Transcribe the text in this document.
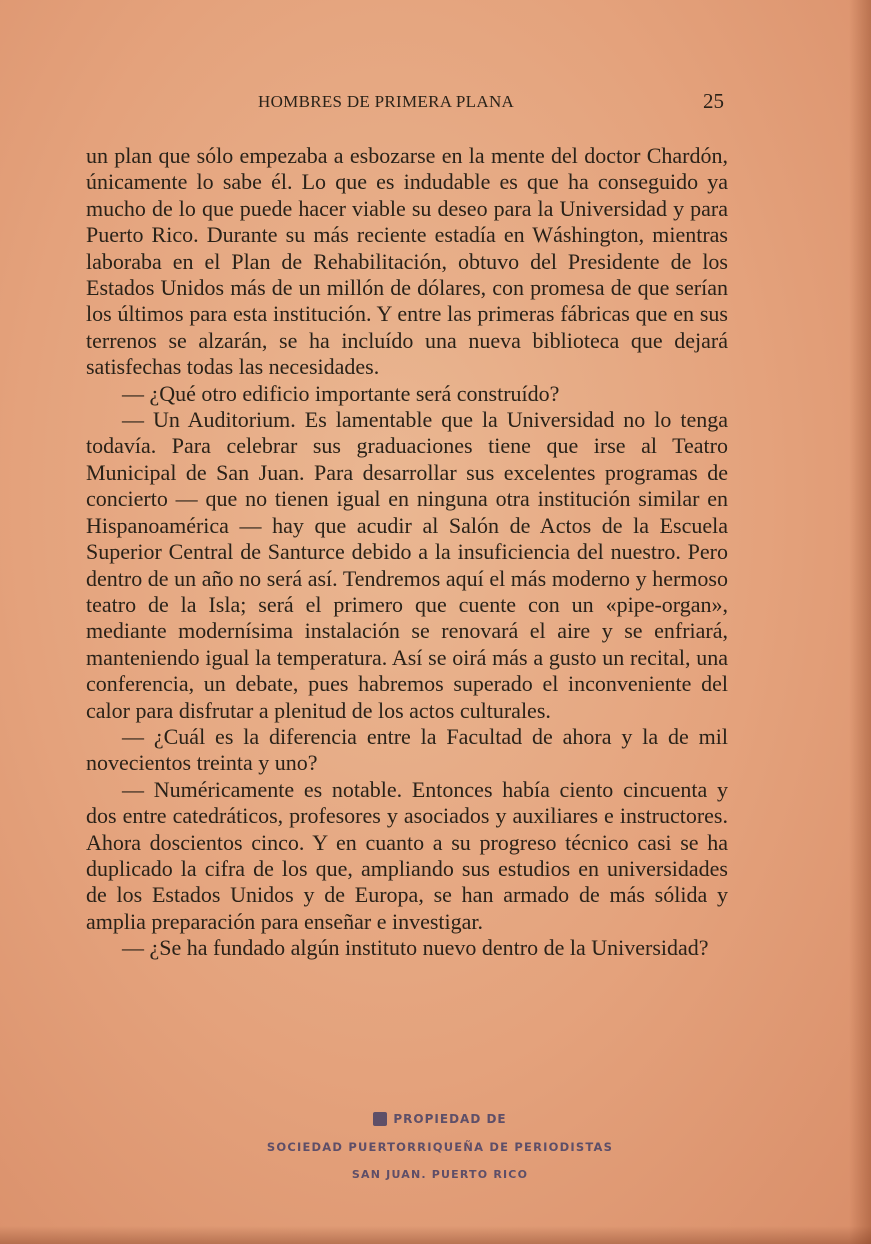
HOMBRES DE PRIMERA PLANA	25

un plan que sólo empezaba a esbozarse en la mente del doctor Chardón, únicamente lo sabe él. Lo que es indudable es que ha conseguido ya mucho de lo que puede hacer viable su deseo para la Universidad y para Puerto Rico. Durante su más reciente estadía en Wáshington, mientras laboraba en el Plan de Rehabilitación, obtuvo del Presidente de los Estados Unidos más de un millón de dólares, con promesa de que serían los últimos para esta institución. Y entre las primeras fábricas que en sus terrenos se alzarán, se ha incluído una nueva biblioteca que dejará satisfechas todas las necesidades.

— ¿Qué otro edificio importante será construído?

— Un Auditorium. Es lamentable que la Universidad no lo tenga todavía. Para celebrar sus graduaciones tiene que irse al Teatro Municipal de San Juan. Para desarrollar sus excelentes programas de concierto — que no tienen igual en ninguna otra institución similar en Hispanoamérica — hay que acudir al Salón de Actos de la Escuela Superior Central de Santurce debido a la insuficiencia del nuestro. Pero dentro de un año no será así. Tendremos aquí el más moderno y hermoso teatro de la Isla; será el primero que cuente con un «pipe-organ», mediante modernísima instalación se renovará el aire y se enfriará, manteniendo igual la temperatura. Así se oirá más a gusto un recital, una conferencia, un debate, pues habremos superado el inconveniente del calor para disfrutar a plenitud de los actos culturales.

— ¿Cuál es la diferencia entre la Facultad de ahora y la de mil novecientos treinta y uno?

— Numéricamente es notable. Entonces había ciento cincuenta y dos entre catedráticos, profesores y asociados y auxiliares e instructores. Ahora doscientos cinco. Y en cuanto a su progreso técnico casi se ha duplicado la cifra de los que, ampliando sus estudios en universidades de los Estados Unidos y de Europa, se han armado de más sólida y amplia preparación para enseñar e investigar.

— ¿Se ha fundado algún instituto nuevo dentro de la Universidad?

PROPIEDAD DE
SOCIEDAD PUERTORRIQUEÑA DE PERIODISTAS
SAN JUAN. PUERTO RICO
